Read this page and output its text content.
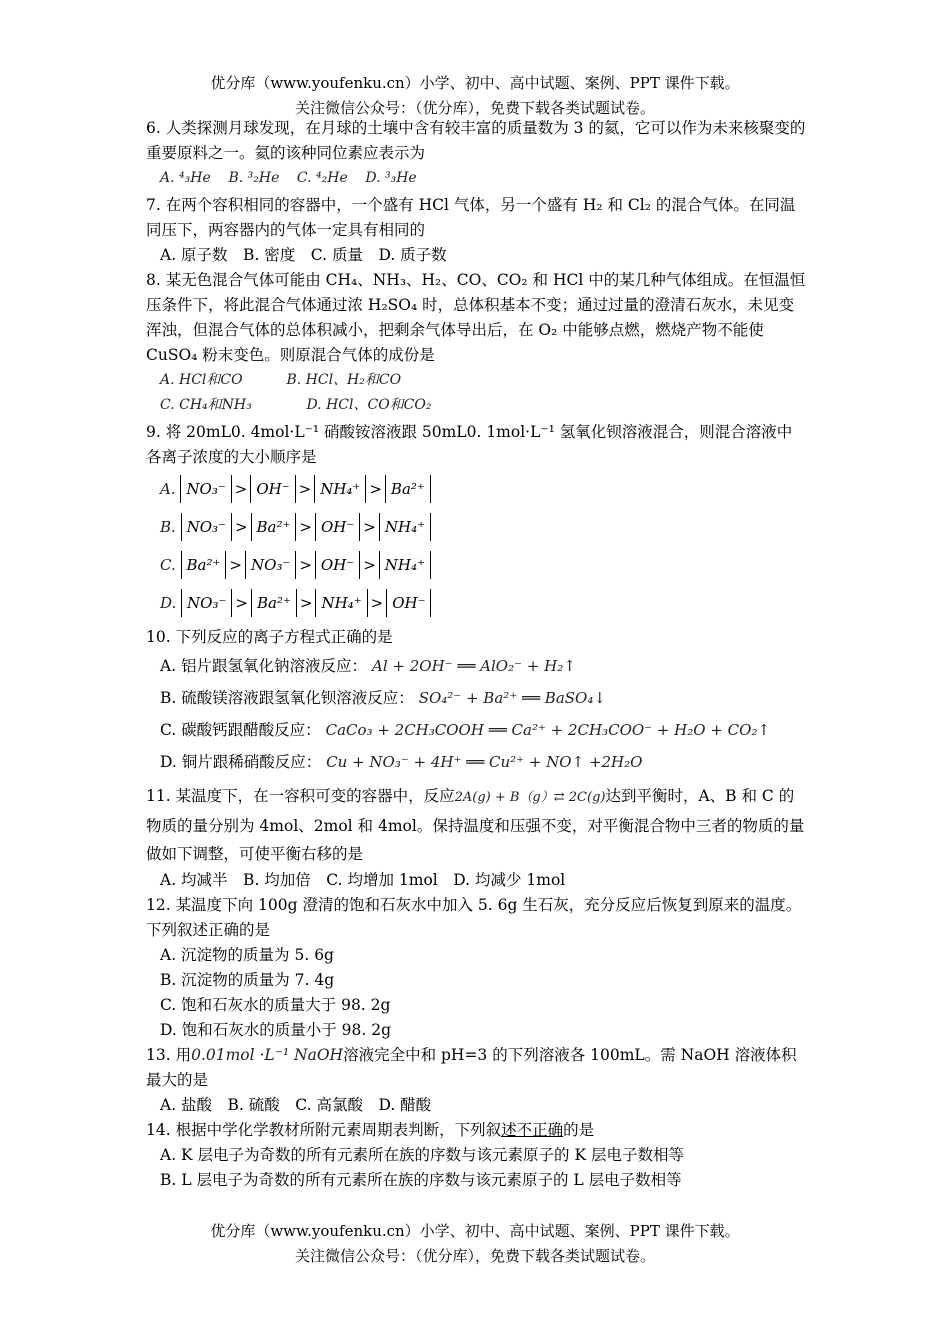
优分库（www.youfenku.cn）小学、初中、高中试题、案例、PPT 课件下载。
关注微信公众号：（优分库），免费下载各类试题试卷。

6. 人类探测月球发现，在月球的土壤中含有较丰富的质量数为 3 的氦，它可以作为未来核聚变的重要原料之一。氦的该种同位素应表示为

A. ⁴₃He B. ³₂He C. ⁴₂He D. ³₃He

7. 在两个容积相同的容器中，一个盛有 HCl 气体，另一个盛有 H₂ 和 Cl₂ 的混合气体。在同温同压下，两容器内的气体一定具有相同的

A. 原子数　B. 密度　C. 质量　D. 质子数

8. 某无色混合气体可能由 CH₄、NH₃、H₂、CO、CO₂ 和 HCl 中的某几种气体组成。在恒温恒压条件下，将此混合气体通过浓 H₂SO₄ 时，总体积基本不变；通过过量的澄清石灰水，未见变浑浊，但混合气体的总体积减小，把剩余气体导出后，在 O₂ 中能够点燃，燃烧产物不能使 CuSO₄ 粉末变色。则原混合气体的成份是

A. HCl和CO	B. HCl、H₂和CO

C. CH₄和NH₃	D. HCl、CO和CO₂

9. 将 20mL0. 4mol·L⁻¹ 硝酸铵溶液跟 50mL0. 1mol·L⁻¹ 氢氧化钡溶液混合，则混合溶液中各离子浓度的大小顺序是

A. NO₃⁻ > OH⁻ > NH₄⁺ > Ba²⁺

B. NO₃⁻ > Ba²⁺ > OH⁻ > NH₄⁺

C. Ba²⁺ > NO₃⁻ > OH⁻ > NH₄⁺

D. NO₃⁻ > Ba²⁺ > NH₄⁺ > OH⁻

10. 下列反应的离子方程式正确的是

A. 铝片跟氢氧化钠溶液反应： Al + 2OH⁻ ══ AlO₂⁻ + H₂↑

B. 硫酸镁溶液跟氢氧化钡溶液反应： SO₄²⁻ + Ba²⁺ ══ BaSO₄↓

C. 碳酸钙跟醋酸反应： CaCo₃ + 2CH₃COOH ══ Ca²⁺ + 2CH₃COO⁻ + H₂O + CO₂↑

D. 铜片跟稀硝酸反应： Cu + NO₃⁻ + 4H⁺ ══ Cu²⁺ + NO↑ +2H₂O

11. 某温度下，在一容积可变的容器中，反应2A(g) + B（g）⇄ 2C(g)达到平衡时，A、B 和 C 的物质的量分别为 4mol、2mol 和 4mol。保持温度和压强不变，对平衡混合物中三者的物质的量做如下调整，可使平衡右移的是

A. 均减半　B. 均加倍　C. 均增加 1mol　D. 均减少 1mol

12. 某温度下向 100g 澄清的饱和石灰水中加入 5. 6g 生石灰，充分反应后恢复到原来的温度。下列叙述正确的是

A. 沉淀物的质量为 5. 6g

B. 沉淀物的质量为 7. 4g

C. 饱和石灰水的质量大于 98. 2g

D. 饱和石灰水的质量小于 98. 2g

13. 用0.01mol ·L⁻¹ NaOH溶液完全中和 pH=3 的下列溶液各 100mL。需 NaOH 溶液体积最大的是

A. 盐酸　B. 硫酸　C. 高氯酸　D. 醋酸

14. 根据中学化学教材所附元素周期表判断，下列叙述不正确的是

A. K 层电子为奇数的所有元素所在族的序数与该元素原子的 K 层电子数相等

B. L 层电子为奇数的所有元素所在族的序数与该元素原子的 L 层电子数相等

优分库（www.youfenku.cn）小学、初中、高中试题、案例、PPT 课件下载。
关注微信公众号：（优分库），免费下载各类试题试卷。
